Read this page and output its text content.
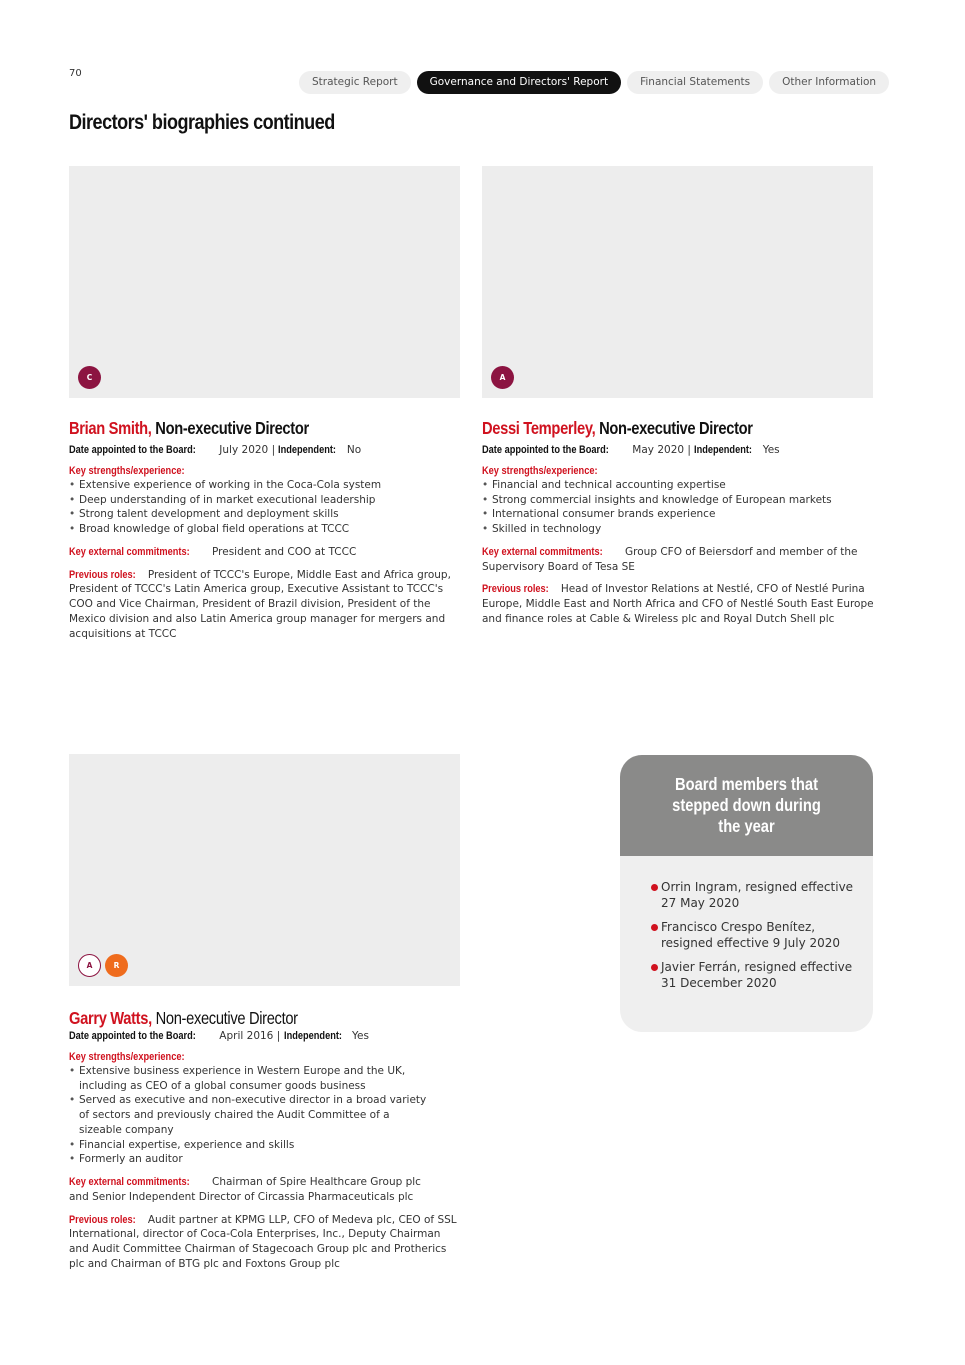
70
Strategic Report	Governance and Directors' Report	Financial Statements	Other Information
Directors' biographies continued
C
Brian Smith, Non-executive Director
Date appointed to the Board: July 2020 | Independent: No
Key strengths/experience:
• Extensive experience of working in the Coca-Cola system
• Deep understanding of in market executional leadership
• Strong talent development and deployment skills
• Broad knowledge of global field operations at TCCC
Key external commitments: President and COO at TCCC
Previous roles: President of TCCC's Europe, Middle East and Africa group, President of TCCC's Latin America group, Executive Assistant to TCCC's COO and Vice Chairman, President of Brazil division, President of the Mexico division and also Latin America group manager for mergers and acquisitions at TCCC
A
Dessi Temperley, Non-executive Director
Date appointed to the Board: May 2020 | Independent: Yes
Key strengths/experience:
• Financial and technical accounting expertise
• Strong commercial insights and knowledge of European markets
• International consumer brands experience
• Skilled in technology
Key external commitments: Group CFO of Beiersdorf and member of the Supervisory Board of Tesa SE
Previous roles: Head of Investor Relations at Nestlé, CFO of Nestlé Purina Europe, Middle East and North Africa and CFO of Nestlé South East Europe and finance roles at Cable & Wireless plc and Royal Dutch Shell plc
A	R
Garry Watts, Non-executive Director
Date appointed to the Board: April 2016 | Independent: Yes
Key strengths/experience:
• Extensive business experience in Western Europe and the UK, including as CEO of a global consumer goods business
• Served as executive and non-executive director in a broad variety of sectors and previously chaired the Audit Committee of a sizeable company
• Financial expertise, experience and skills
• Formerly an auditor
Key external commitments: Chairman of Spire Healthcare Group plc and Senior Independent Director of Circassia Pharmaceuticals plc
Previous roles: Audit partner at KPMG LLP, CFO of Medeva plc, CEO of SSL International, director of Coca-Cola Enterprises, Inc., Deputy Chairman and Audit Committee Chairman of Stagecoach Group plc and Protherics plc and Chairman of BTG plc and Foxtons Group plc
Board members that stepped down during the year
Orrin Ingram, resigned effective 27 May 2020
Francisco Crespo Benítez, resigned effective 9 July 2020
Javier Ferrán, resigned effective 31 December 2020
